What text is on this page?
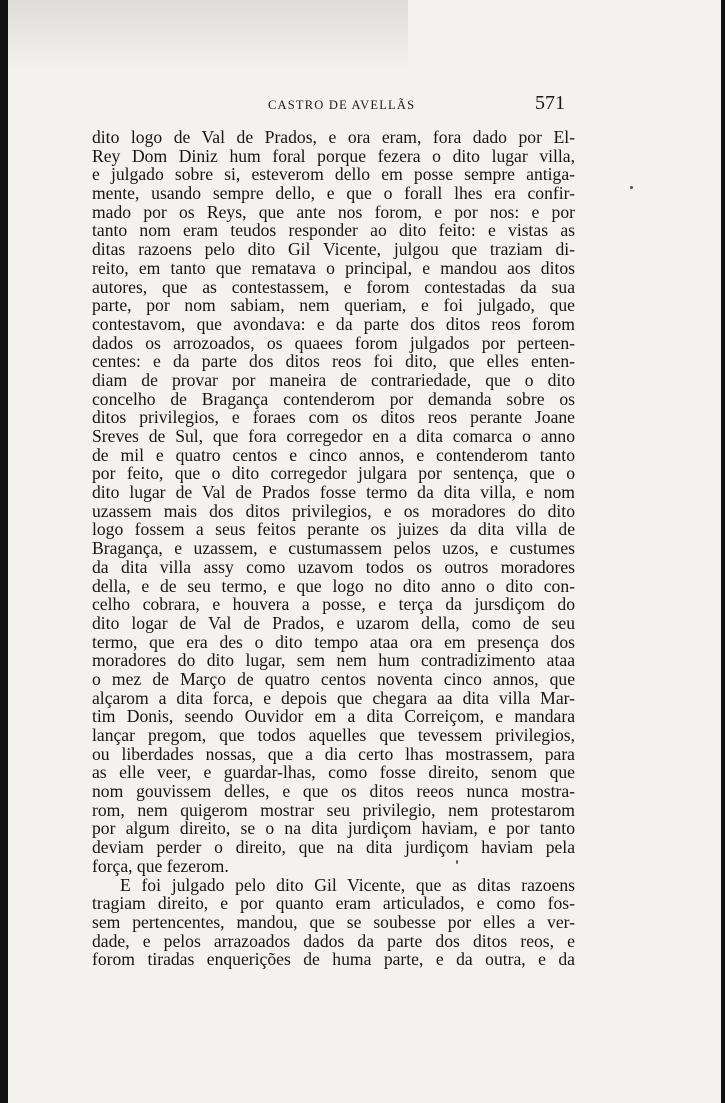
CASTRO DE AVELLÃS	571
dito logo de Val de Prados, e ora eram, fora dado por El-
Rey Dom Diniz hum foral porque fezera o dito lugar villa,
e julgado sobre si, esteverom dello em posse sempre antiga-
mente, usando sempre dello, e que o forall lhes era confir-
mado por os Reys, que ante nos forom, e por nos: e por
tanto nom eram teudos responder ao dito feito: e vistas as
ditas razoens pelo dito Gil Vicente, julgou que traziam di-
reito, em tanto que rematava o principal, e mandou aos ditos
autores, que as contestassem, e forom contestadas da sua
parte, por nom sabiam, nem queriam, e foi julgado, que
contestavom, que avondava: e da parte dos ditos reos forom
dados os arrozoados, os quaees forom julgados por perteen-
centes: e da parte dos ditos reos foi dito, que elles enten-
diam de provar por maneira de contrariedade, que o dito
concelho de Bragança contenderom por demanda sobre os
ditos privilegios, e foraes com os ditos reos perante Joane
Sreves de Sul, que fora corregedor en a dita comarca o anno
de mil e quatro centos e cinco annos, e contenderom tanto
por feito, que o dito corregedor julgara por sentença, que o
dito lugar de Val de Prados fosse termo da dita villa, e nom
uzassem mais dos ditos privilegios, e os moradores do dito
logo fossem a seus feitos perante os juizes da dita villa de
Bragança, e uzassem, e custumassem pelos uzos, e custumes
da dita villa assy como uzavom todos os outros moradores
della, e de seu termo, e que logo no dito anno o dito con-
celho cobrara, e houvera a posse, e terça da jursdiçom do
dito logar de Val de Prados, e uzarom della, como de seu
termo, que era des o dito tempo ataa ora em presença dos
moradores do dito lugar, sem nem hum contradizimento ataa
o mez de Março de quatro centos noventa cinco annos, que
alçarom a dita forca, e depois que chegara aa dita villa Mar-
tim Donis, seendo Ouvidor em a dita Correiçom, e mandara
lançar pregom, que todos aquelles que tevessem privilegios,
ou liberdades nossas, que a dia certo lhas mostrassem, para
as elle veer, e guardar-lhas, como fosse direito, senom que
nom gouvissem delles, e que os ditos reeos nunca mostra-
rom, nem quigerom mostrar seu privilegio, nem protestarom
por algum direito, se o na dita jurdiçom haviam, e por tanto
deviam perder o direito, que na dita jurdiçom haviam pela
força, que fezerom.
E foi julgado pelo dito Gil Vicente, que as ditas razoens
tragiam direito, e por quanto eram articulados, e como fos-
sem pertencentes, mandou, que se soubesse por elles a ver-
dade, e pelos arrazoados dados da parte dos ditos reos, e
forom tiradas enquerições de huma parte, e da outra, e da
